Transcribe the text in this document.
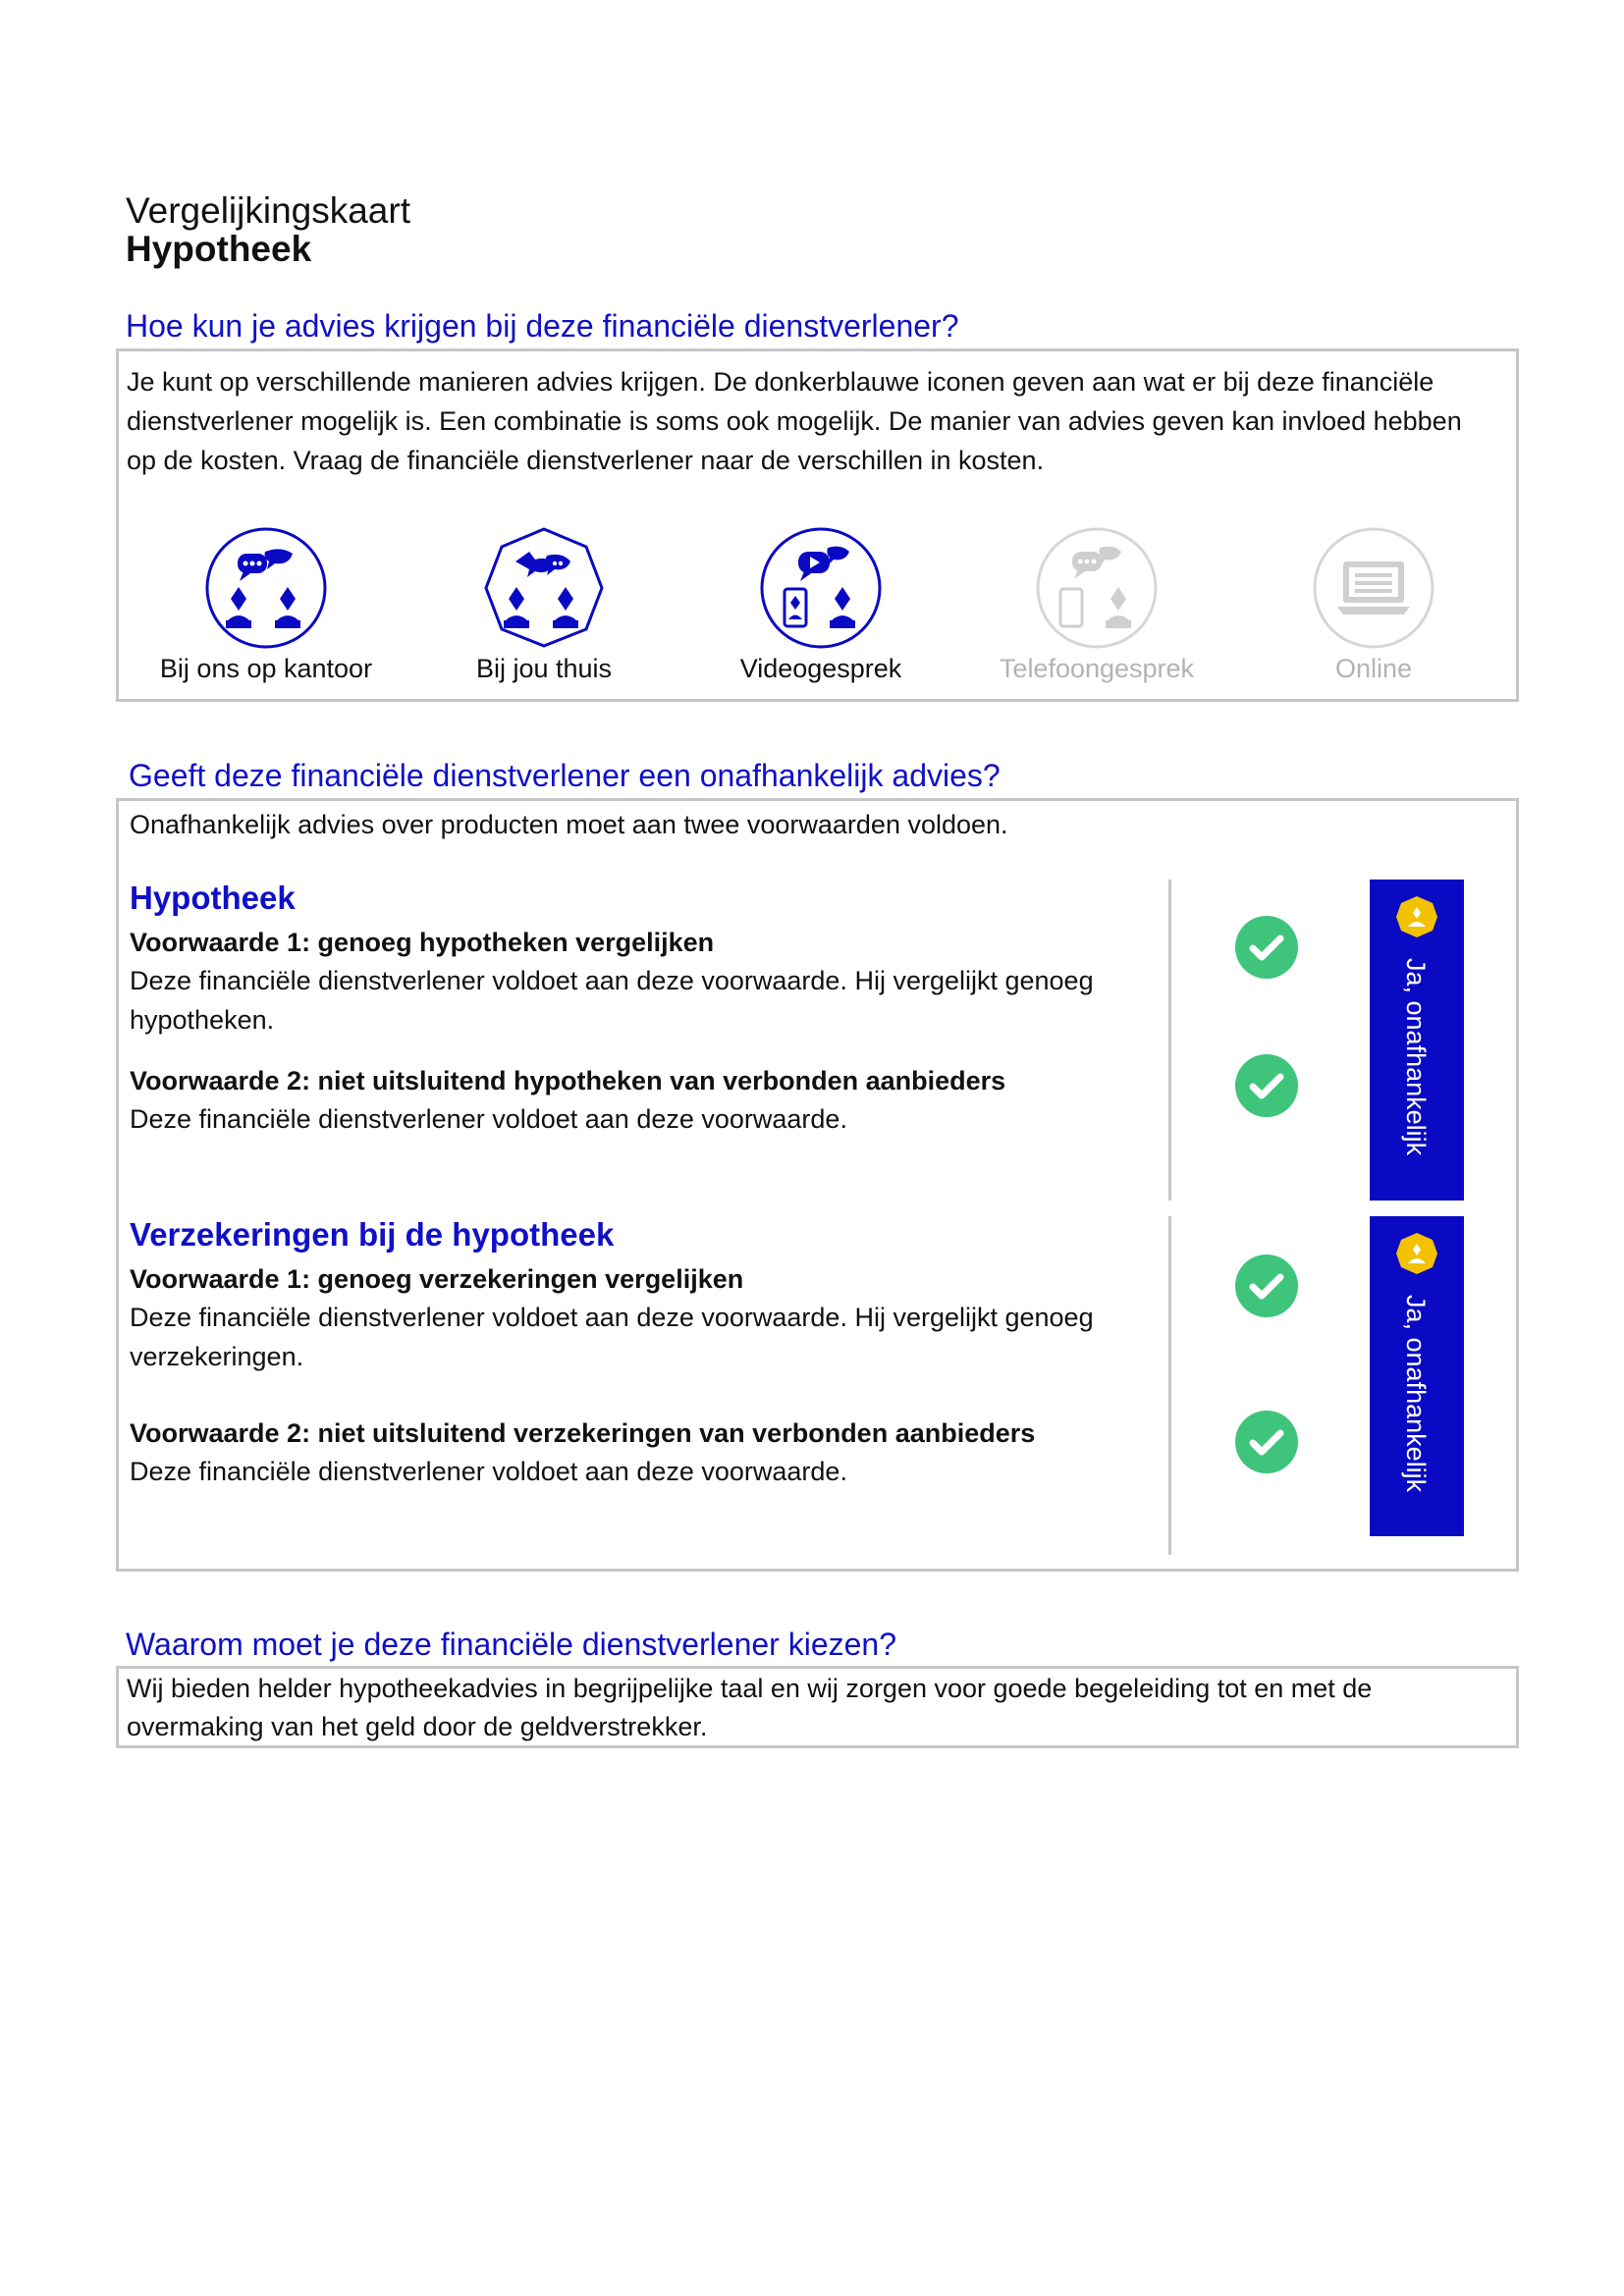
Vergelijkingskaart
Hypotheek
Hoe kun je advies krijgen bij deze financiële dienstverlener?
Je kunt op verschillende manieren advies krijgen. De donkerblauwe iconen geven aan wat er bij deze financiële
dienstverlener mogelijk is. Een combinatie is soms ook mogelijk. De manier van advies geven kan invloed hebben
op de kosten. Vraag de financiële dienstverlener naar de verschillen in kosten.
Bij ons op kantoor	Bij jou thuis	Videogesprek	Telefoongesprek	Online
Geeft deze financiële dienstverlener een onafhankelijk advies?
Onafhankelijk advies over producten moet aan twee voorwaarden voldoen.
Hypotheek
Voorwaarde 1: genoeg hypotheken vergelijken
Deze financiële dienstverlener voldoet aan deze voorwaarde. Hij vergelijkt genoeg
hypotheken.
Voorwaarde 2: niet uitsluitend hypotheken van verbonden aanbieders
Deze financiële dienstverlener voldoet aan deze voorwaarde.	Ja, onafhankelijk
Verzekeringen bij de hypotheek
Voorwaarde 1: genoeg verzekeringen vergelijken
Deze financiële dienstverlener voldoet aan deze voorwaarde. Hij vergelijkt genoeg
verzekeringen.
Voorwaarde 2: niet uitsluitend verzekeringen van verbonden aanbieders
Deze financiële dienstverlener voldoet aan deze voorwaarde.	Ja, onafhankelijk
Waarom moet je deze financiële dienstverlener kiezen?
Wij bieden helder hypotheekadvies in begrijpelijke taal en wij zorgen voor goede begeleiding tot en met de
overmaking van het geld door de geldverstrekker.
